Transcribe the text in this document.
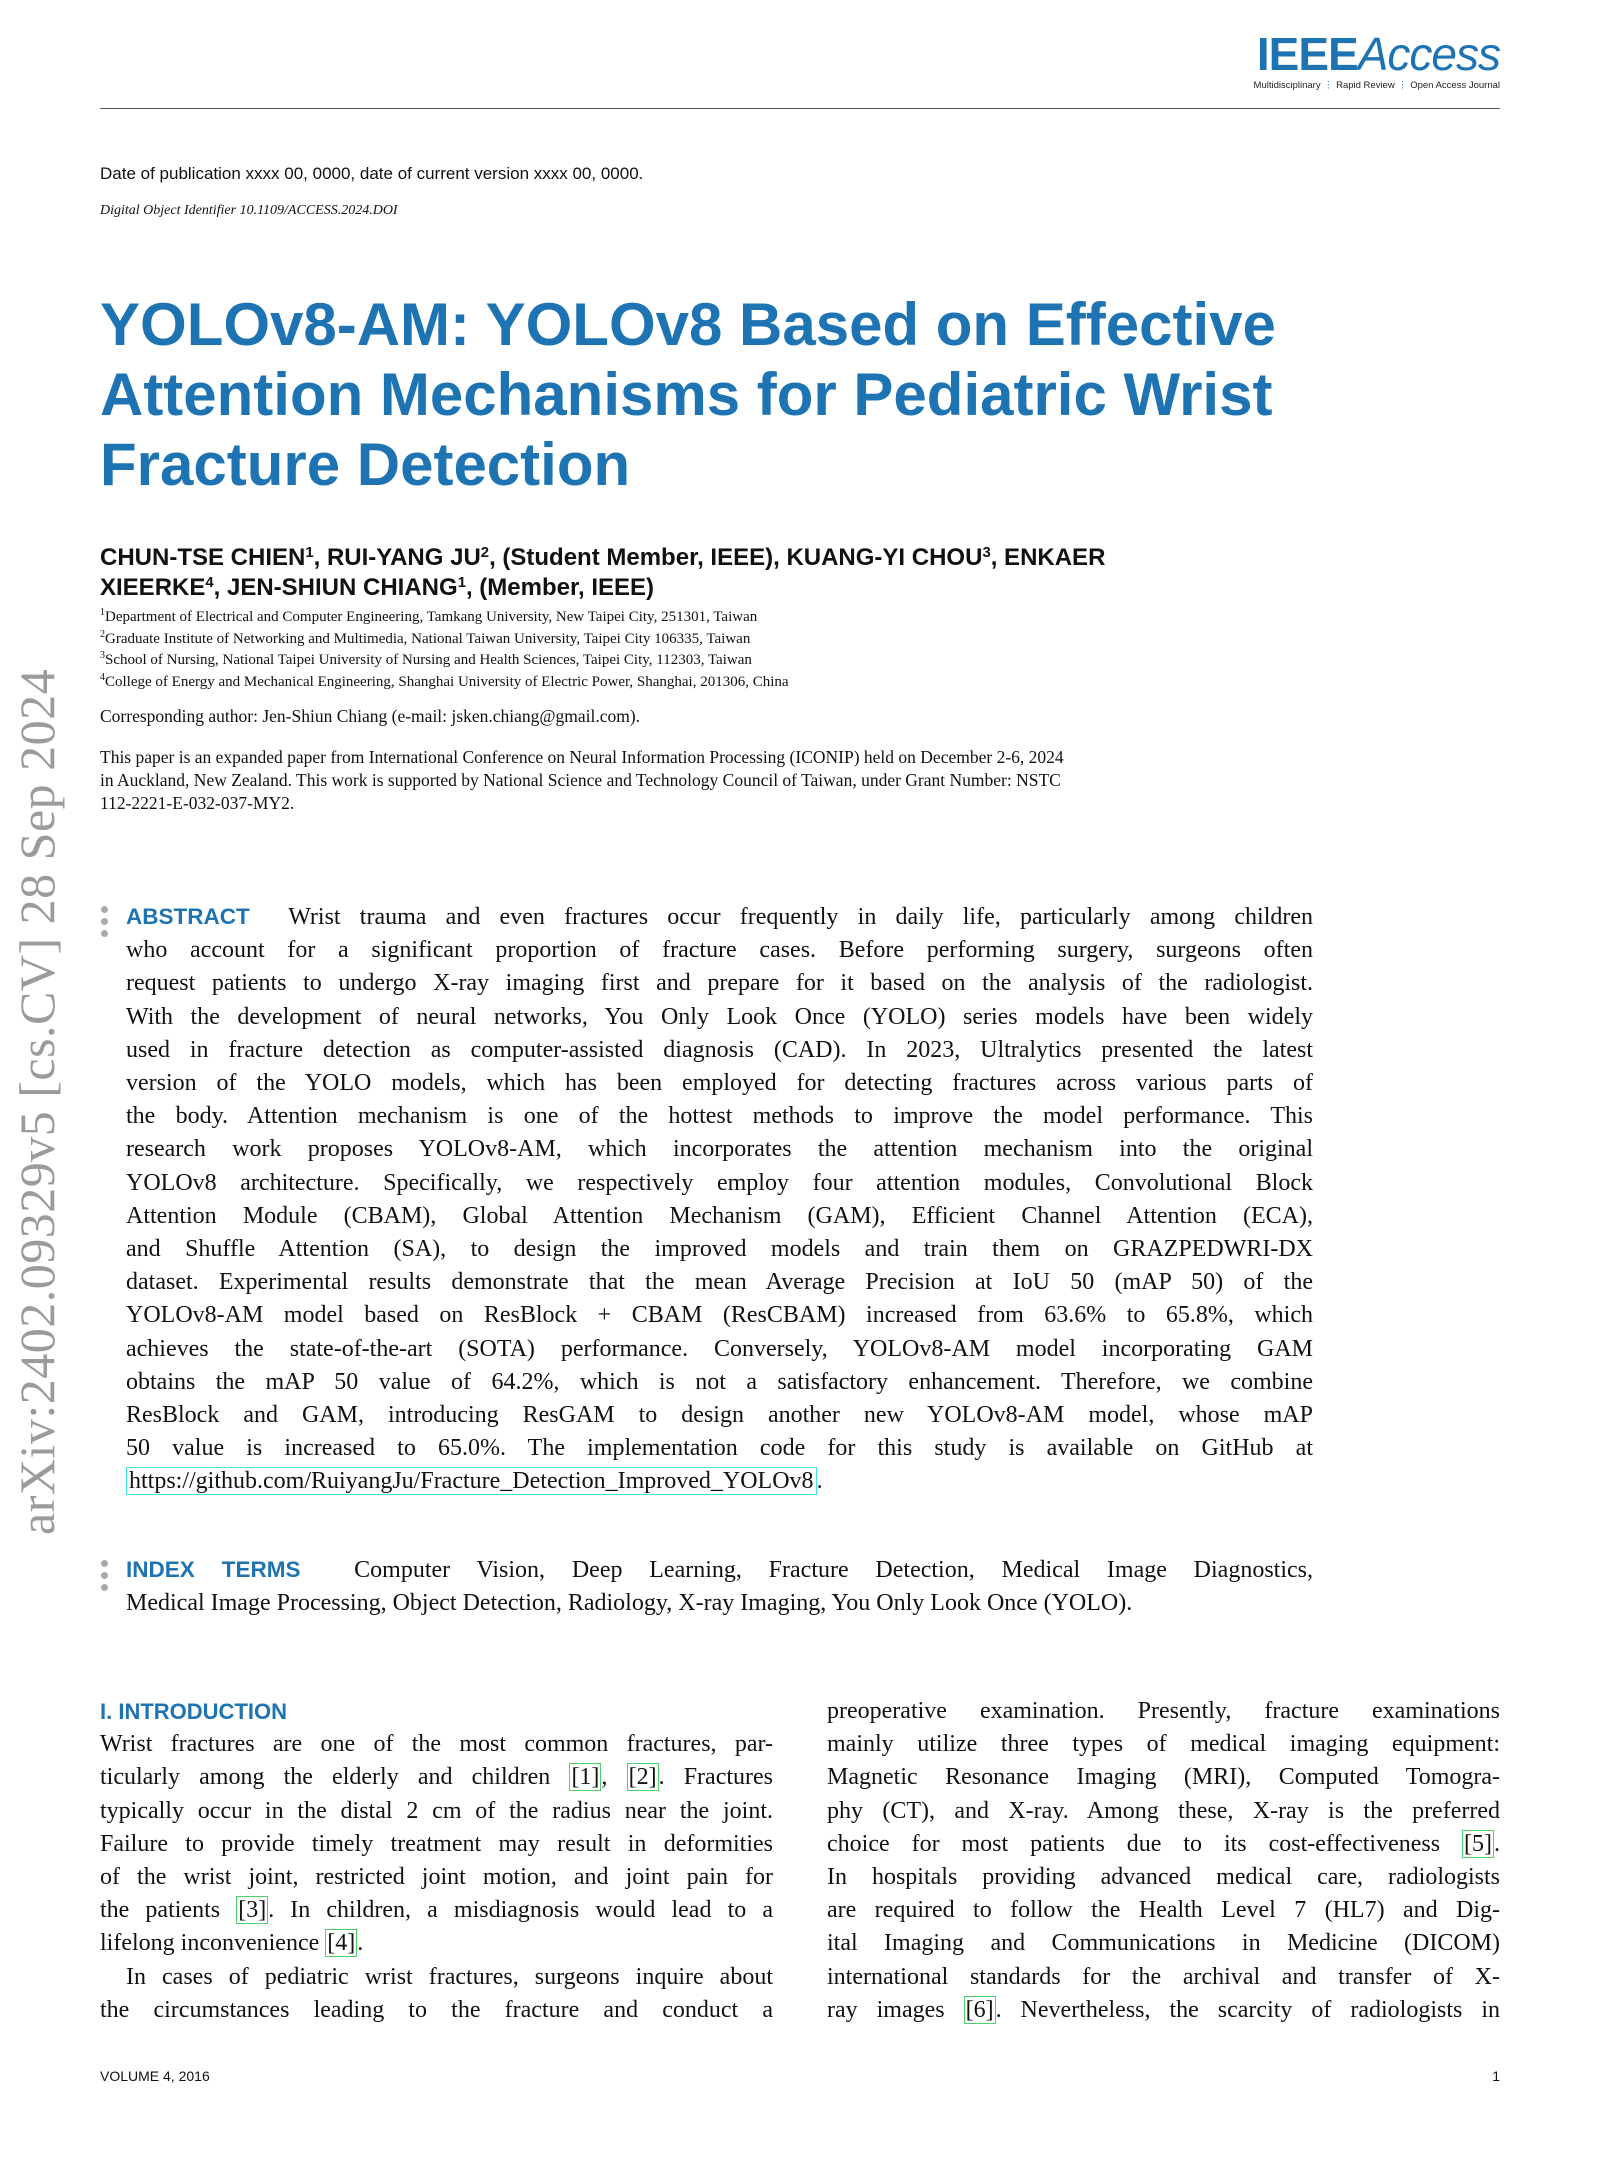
IEEEAccess
Multidisciplinary ⋮ Rapid Review ⋮ Open Access Journal
Date of publication xxxx 00, 0000, date of current version xxxx 00, 0000.
Digital Object Identifier 10.1109/ACCESS.2024.DOI
YOLOv8-AM: YOLOv8 Based on Effective
Attention Mechanisms for Pediatric Wrist
Fracture Detection
CHUN-TSE CHIEN$^1$, RUI-YANG $JU^2$, (Student Member, IEEE), KUANG-YI CHOU$^3$, ENKAER
XIEERKE$^4$, JEN-SHIUN CHIANG$^1$, (Member, IEEE)
$^1$Department of Electrical and Computer Engineering, Tamkang University, New Taipei City, 251301, Taiwan
$^2$Graduate Institute of Networking and Multimedia, National Taiwan University, Taipei City 106335, Taiwan
$^3$School of Nursing, National Taipei University of Nursing and Health Sciences, Taipei City, 112303, Taiwan
$^4$College of Energy and Mechanical Engineering, Shanghai University of Electric Power, Shanghai, 201306, China
Corresponding author: Jen-Shiun Chiang (e-mail: jsken.chiang@gmail.com).
This paper is an expanded paper from International Conference on Neural Information Processing (ICONIP) held on December 2-6, 2024
in Auckland, New Zealand. This work is supported by National Science and Technology Council of Taiwan, under Grant Number: NSTC
112-2221-E-032-037-MY2.
arXiv:2402.09329v5 [cs.CV] 28 Sep 2024	ABSTRACT Wrist trauma and even fractures occur frequently in daily life, particularly among children
who account for a significant proportion of fracture cases. Before performing surgery, surgeons often
request patients to undergo X-ray imaging first and prepare for it based on the analysis of the radiologist.
With the development of neural networks, You Only Look Once (YOLO) series models have been widely
used in fracture detection as computer-assisted diagnosis (CAD). In 2023, Ultralytics presented the latest
version of the YOLO models, which has been employed for detecting fractures across various parts of
the body. Attention mechanism is one of the hottest methods to improve the model performance. This
research work proposes YOLOv8-AM, which incorporates the attention mechanism into the original
YOLOv8 architecture. Specifically, we respectively employ four attention modules, Convolutional Block
Attention Module (CBAM), Global Attention Mechanism (GAM), Efficient Channel Attention (ECA),
and Shuffle Attention (SA), to design the improved models and train them on GRAZPEDWRI-DX
dataset. Experimental results demonstrate that the mean Average Precision at IoU 50 (mAP 50) of the
YOLOv8-AM model based on ResBlock + CBAM (ResCBAM) increased from 63.6% to 65.8%, which
achieves the state-of-the-art (SOTA) performance. Conversely, YOLOv8-AM model incorporating GAM
obtains the mAP 50 value of 64.2%, which is not a satisfactory enhancement. Therefore, we combine
ResBlock and GAM, introducing ResGAM to design another new YOLOv8-AM model, whose mAP
50 value is increased to 65.0%. The implementation code for this study is available on GitHub at
https://github.com/RuiyangJu/Fracture_Detection_Improved_YOLOv8 .
INDEX TERMS Computer Vision, Deep Learning, Fracture Detection, Medical Image Diagnostics,
Medical Image Processing, Object Detection, Radiology, X-ray Imaging, You Only Look Once (YOLO).
I. INTRODUCTION
Wrist fractures are one of the most common fractures, par-
ticularly among the elderly and children [1], [2]. Fractures
typically occur in the distal 2 cm of the radius near the joint.
Failure to provide timely treatment may result in deformities
of the wrist joint, restricted joint motion, and joint pain for
the patients [3]. In children, a misdiagnosis would lead to a
lifelong inconvenience [4].
In cases of pediatric wrist fractures, surgeons inquire about
the circumstances leading to the fracture and conduct a
preoperative examination. Presently, fracture examinations
mainly utilize three types of medical imaging equipment:
Magnetic Resonance Imaging (MRI), Computed Tomogra-
phy (CT), and X-ray. Among these, X-ray is the preferred
choice for most patients due to its cost-effectiveness [5].
In hospitals providing advanced medical care, radiologists
are required to follow the Health Level 7 (HL7) and Dig-
ital Imaging and Communications in Medicine (DICOM)
international standards for the archival and transfer of X-
ray images [6]. Nevertheless, the scarcity of radiologists in
VOLUME 4, 2016	1
